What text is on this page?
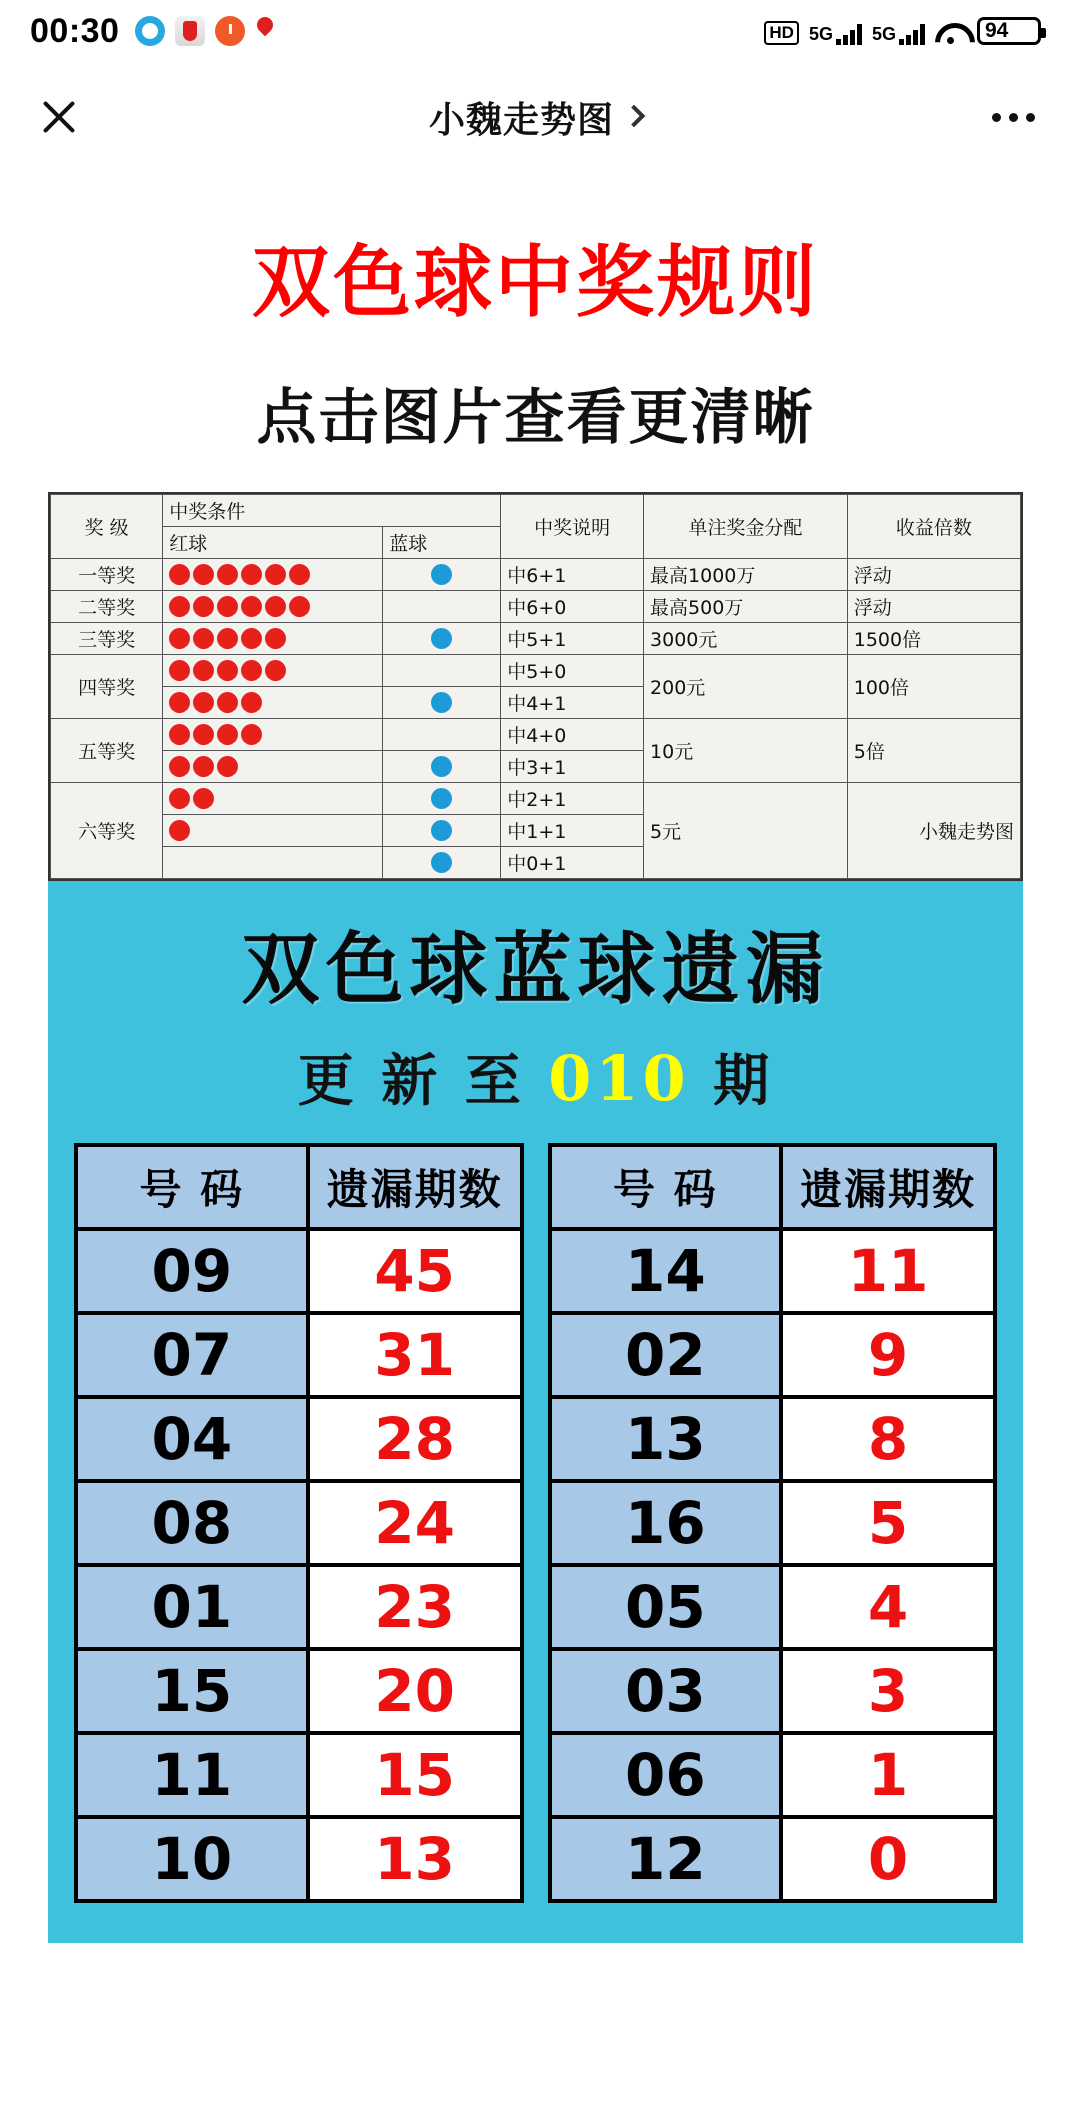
00:30	HD 5G 5G	94
小魏走势图
双色球中奖规则
点击图片查看更清晰
奖 级	中奖条件		中奖说明	单注奖金分配	收益倍数
	红球	蓝球			
一等奖			中6+1	最高1000万	浮动
二等奖			中6+0	最高500万	浮动
三等奖			中5+1	3000元	1500倍
四等奖			中5+0	200元	100倍

		中4+1		
五等奖			中4+0	10元	5倍

		中3+1		
六等奖			中2+1	5元	小魏走势图

		中1+1		

		中0+1		
双色球蓝球遗漏
更 新 至 010 期
号 码	遗漏期数
09	45
07	31
04	28
08	24
01	23
15	20
11	15
10	13
号 码	遗漏期数
14	11
02	9
13	8
16	5
05	4
03	3
06	1
12	0
